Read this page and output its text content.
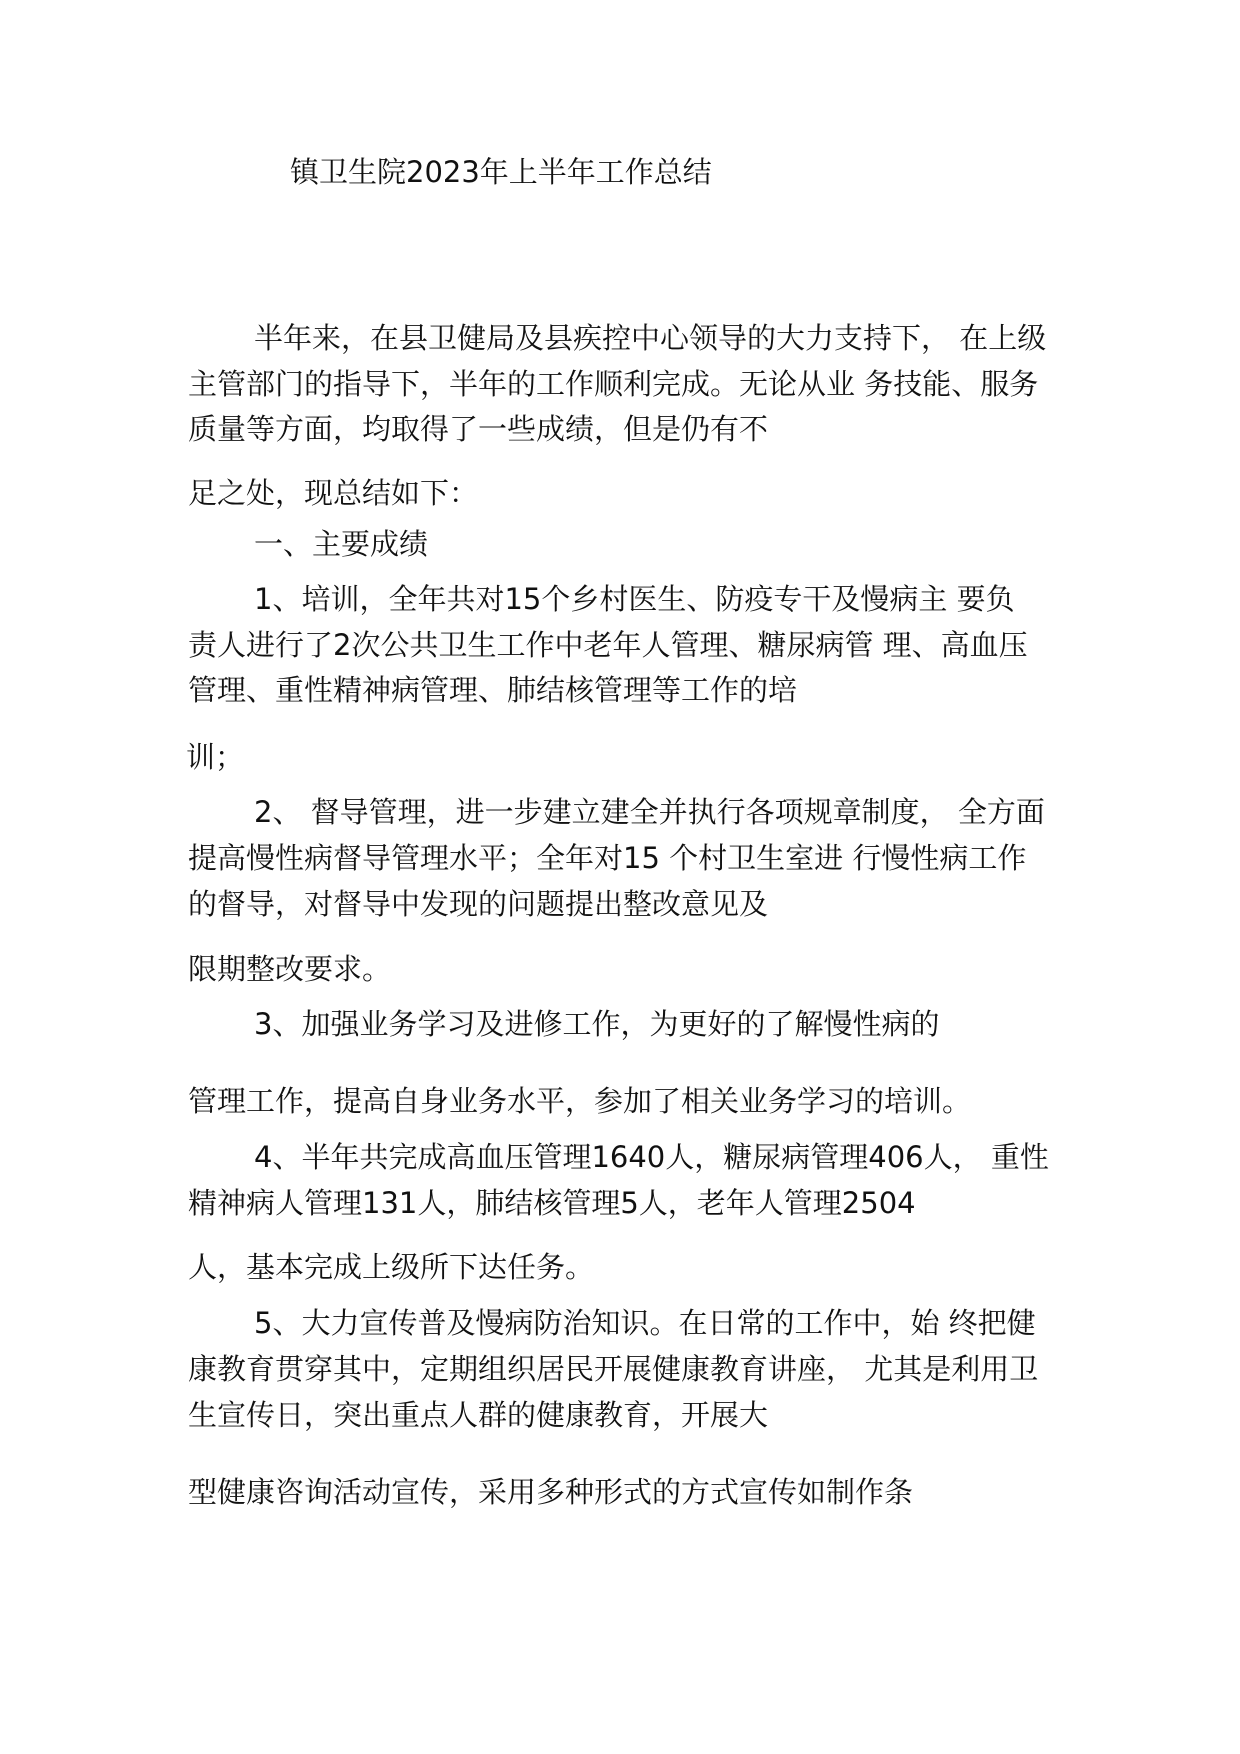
镇卫生院2023年上半年工作总结
半年来，在县卫健局及县疾控中心领导的大力支持下， 在上级
主管部门的指导下，半年的工作顺利完成。无论从业 务技能、服务
质量等方面，均取得了一些成绩，但是仍有不
足之处，现总结如下：
一、主要成绩
1、培训，全年共对15个乡村医生、防疫专干及慢病主 要负
责人进行了2次公共卫生工作中老年人管理、糖尿病管 理、高血压
管理、重性精神病管理、肺结核管理等工作的培
训；
2、 督导管理，进一步建立建全并执行各项规章制度， 全方面
提高慢性病督导管理水平；全年对15 个村卫生室进 行慢性病工作
的督导，对督导中发现的问题提出整改意见及
限期整改要求。
3、加强业务学习及进修工作，为更好的了解慢性病的
管理工作，提高自身业务水平，参加了相关业务学习的培训。
4、半年共完成高血压管理1640人，糖尿病管理406人， 重性
精神病人管理131人，肺结核管理5人，老年人管理2504
人，基本完成上级所下达任务。
5、大力宣传普及慢病防治知识。在日常的工作中，始 终把健
康教育贯穿其中，定期组织居民开展健康教育讲座， 尤其是利用卫
生宣传日，突出重点人群的健康教育，开展大
型健康咨询活动宣传，采用多种形式的方式宣传如制作条
